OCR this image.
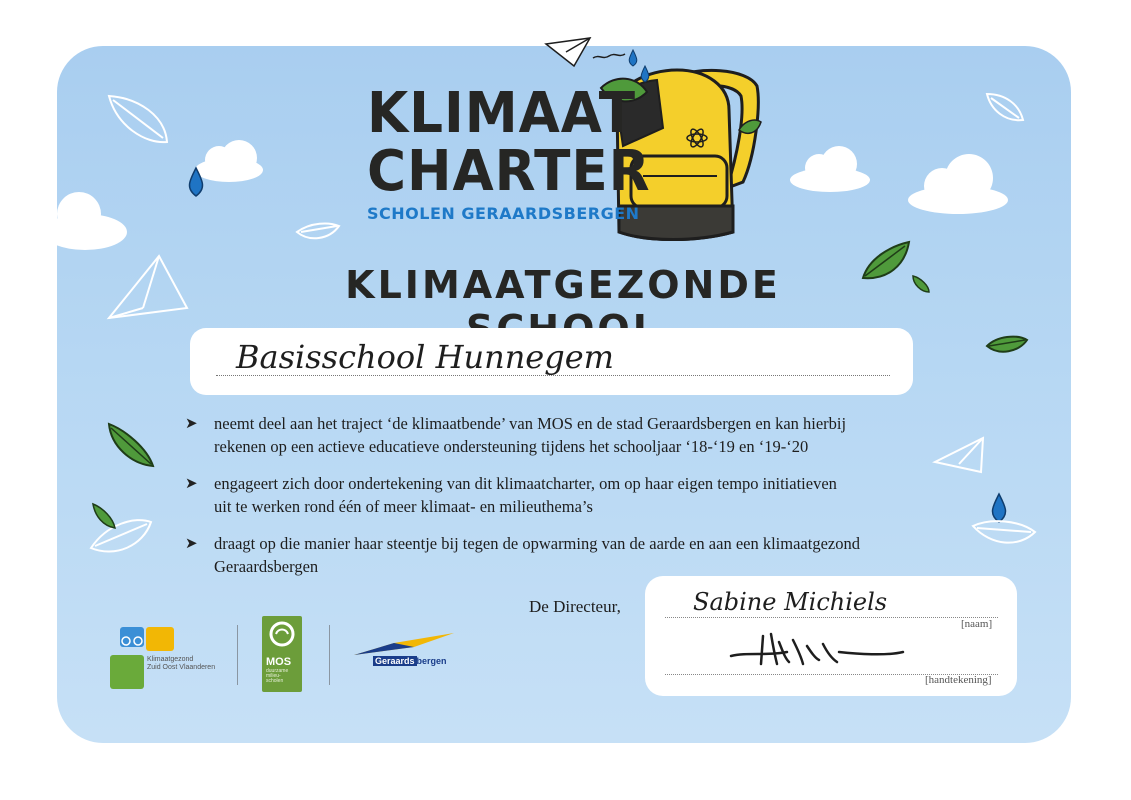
KLIMAAT
CHARTER
SCHOLEN GERAARDSBERGEN
KLIMAATGEZONDE
Basisschool Hunnegem
➤ neemt deel aan het traject ‘de klimaatbende’ van MOS en de stad Geraardsbergen en kan hierbij
rekenen op een actieve educatieve ondersteuning tijdens het schooljaar ‘18-‘19 en ‘19-‘20
➤ engageert zich door ondertekening van dit klimaatcharter, om op haar eigen tempo initiatieven
uit te werken rond één of meer klimaat- en milieuthema’s
➤ draagt op die manier haar steentje bij tegen de opwarming van de aarde en aan een klimaatgezond
Geraardsbergen
De Directeur,	Sabine Michiels
[naam]
[handtekening]
Klimaatgezond
Zuid Oost Vlaanderen	MOS
duurzame
milieu-
scholen
Geraards bergen
